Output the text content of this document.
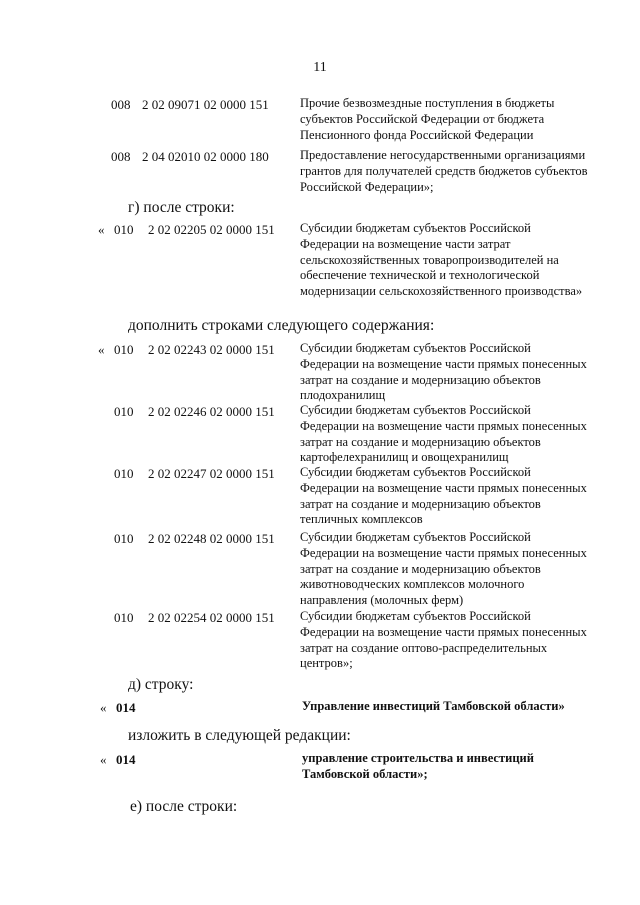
11
008 2 02 09071 02 0000 151	Прочие безвозмездные поступления в бюджеты субъектов Российской Федерации от бюджета Пенсионного фонда Российской Федерации
008 2 04 02010 02 0000 180	Предоставление негосударственными организациями грантов для получателей средств бюджетов субъектов Российской Федерации»;
г) после строки:
« 010 2 02 02205 02 0000 151 Субсидии бюджетам субъектов Российской Федерации на возмещение части затрат сельскохозяйственных товаропроизводителей на обеспечение технической и технологической модернизации сельскохозяйственного производства»
дополнить строками следующего содержания:
« 010 2 02 02243 02 0000 151 Субсидии бюджетам субъектов Российской Федерации на возмещение части прямых понесенных затрат на создание и модернизацию объектов плодохранилищ
010 2 02 02246 02 0000 151 Субсидии бюджетам субъектов Российской Федерации на возмещение части прямых понесенных затрат на создание и модернизацию объектов картофелехранилищ и овощехранилищ
010 2 02 02247 02 0000 151 Субсидии бюджетам субъектов Российской Федерации на возмещение части прямых понесенных затрат на создание и модернизацию объектов тепличных комплексов
010 2 02 02248 02 0000 151 Субсидии бюджетам субъектов Российской Федерации на возмещение части прямых понесенных затрат на создание и модернизацию объектов животноводческих комплексов молочного направления (молочных ферм)
010 2 02 02254 02 0000 151 Субсидии бюджетам субъектов Российской Федерации на возмещение части прямых понесенных затрат на создание оптово-распределительных центров»;
д) строку:
« 014	Управление инвестиций Тамбовской области»
изложить в следующей редакции:
« 014	управление строительства и инвестиций Тамбовской области»;
е) после строки:
